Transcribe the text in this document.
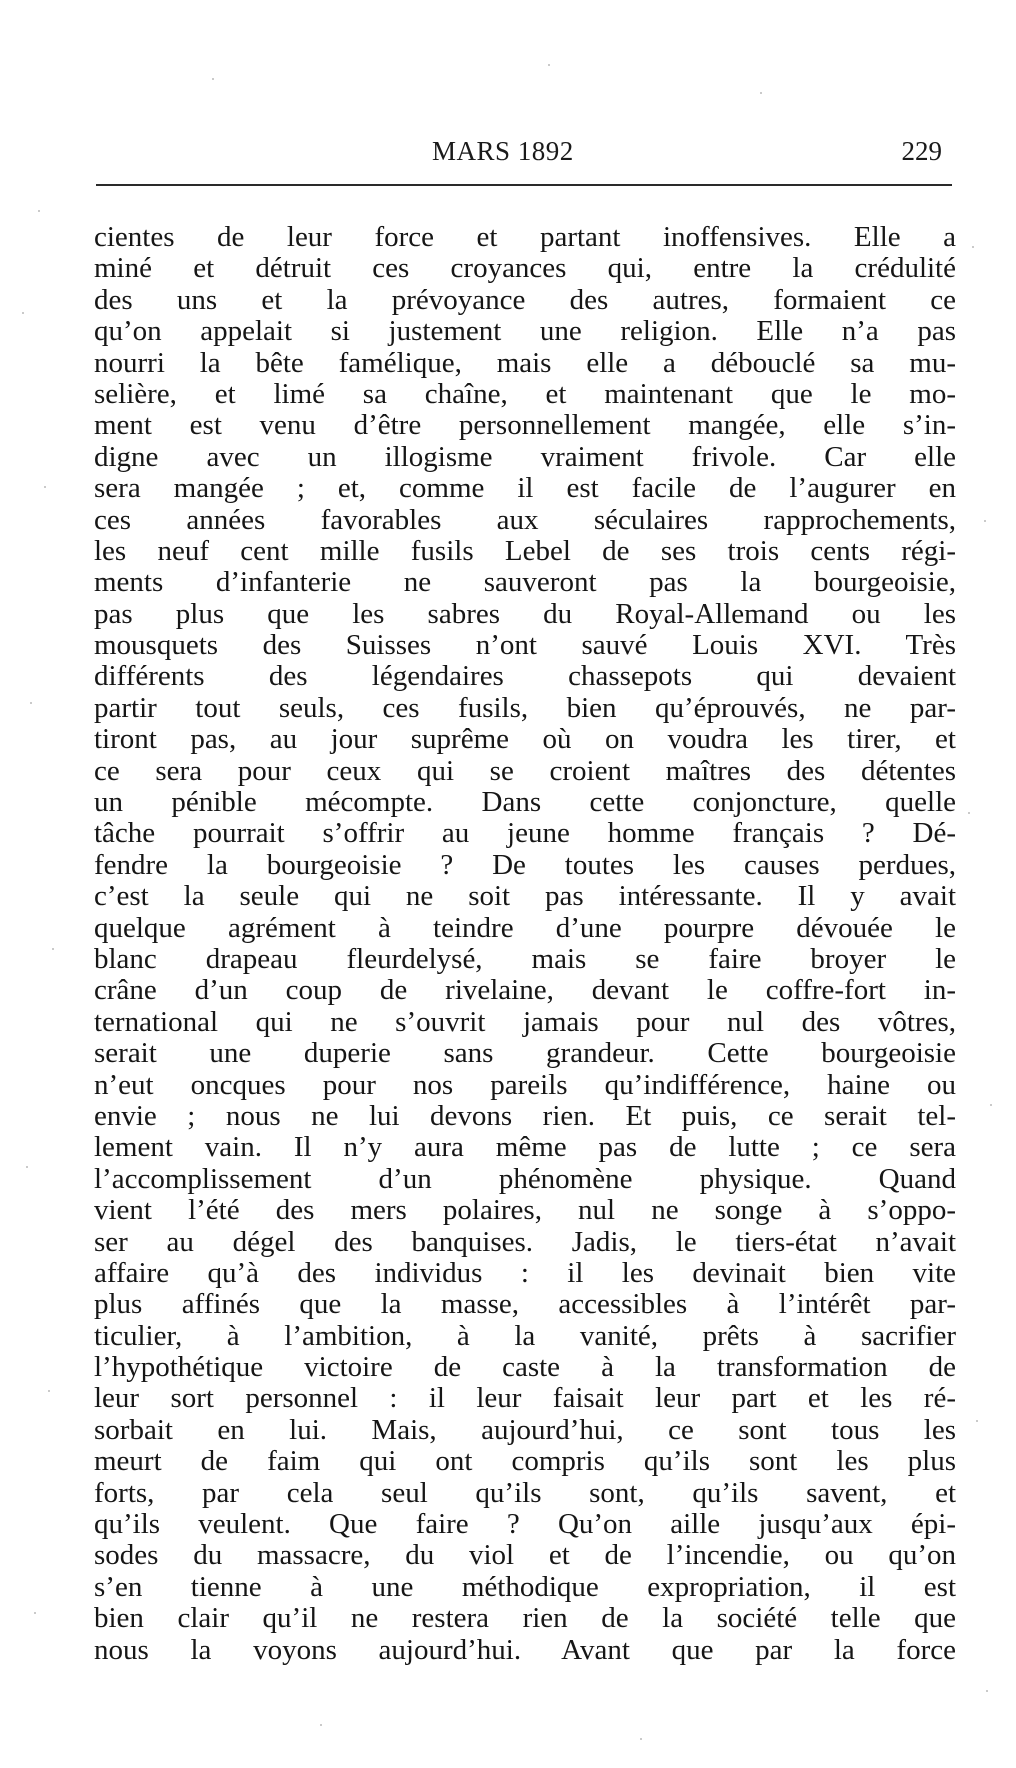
MARS 1892	229
cientes de leur force et partant inoffensives. Elle a
miné et détruit ces croyances qui, entre la crédulité
des uns et la prévoyance des autres, formaient ce
qu’on appelait si justement une religion. Elle n’a pas
nourri la bête famélique, mais elle a débouclé sa mu-
selière, et limé sa chaîne, et maintenant que le mo-
ment est venu d’être personnellement mangée, elle s’in-
digne avec un illogisme vraiment frivole. Car elle
sera mangée ; et, comme il est facile de l’augurer en
ces années favorables aux séculaires rapprochements,
les neuf cent mille fusils Lebel de ses trois cents régi-
ments d’infanterie ne sauveront pas la bourgeoisie,
pas plus que les sabres du Royal-Allemand ou les
mousquets des Suisses n’ont sauvé Louis XVI. Très
différents des légendaires chassepots qui devaient
partir tout seuls, ces fusils, bien qu’éprouvés, ne par-
tiront pas, au jour suprême où on voudra les tirer, et
ce sera pour ceux qui se croient maîtres des détentes
un pénible mécompte. Dans cette conjoncture, quelle
tâche pourrait s’offrir au jeune homme français ? Dé-
fendre la bourgeoisie ? De toutes les causes perdues,
c’est la seule qui ne soit pas intéressante. Il y avait
quelque agrément à teindre d’une pourpre dévouée le
blanc drapeau fleurdelysé, mais se faire broyer le
crâne d’un coup de rivelaine, devant le coffre-fort in-
ternational qui ne s’ouvrit jamais pour nul des vôtres,
serait une duperie sans grandeur. Cette bourgeoisie
n’eut oncques pour nos pareils qu’indifférence, haine ou
envie ; nous ne lui devons rien. Et puis, ce serait tel-
lement vain. Il n’y aura même pas de lutte ; ce sera
l’accomplissement d’un phénomène physique. Quand
vient l’été des mers polaires, nul ne songe à s’oppo-
ser au dégel des banquises. Jadis, le tiers-état n’avait
affaire qu’à des individus : il les devinait bien vite
plus affinés que la masse, accessibles à l’intérêt par-
ticulier, à l’ambition, à la vanité, prêts à sacrifier
l’hypothétique victoire de caste à la transformation de
leur sort personnel : il leur faisait leur part et les ré-
sorbait en lui. Mais, aujourd’hui, ce sont tous les
meurt de faim qui ont compris qu’ils sont les plus
forts, par cela seul qu’ils sont, qu’ils savent, et
qu’ils veulent. Que faire ? Qu’on aille jusqu’aux épi-
sodes du massacre, du viol et de l’incendie, ou qu’on
s’en tienne à une méthodique expropriation, il est
bien clair qu’il ne restera rien de la société telle que
nous la voyons aujourd’hui. Avant que par la force
